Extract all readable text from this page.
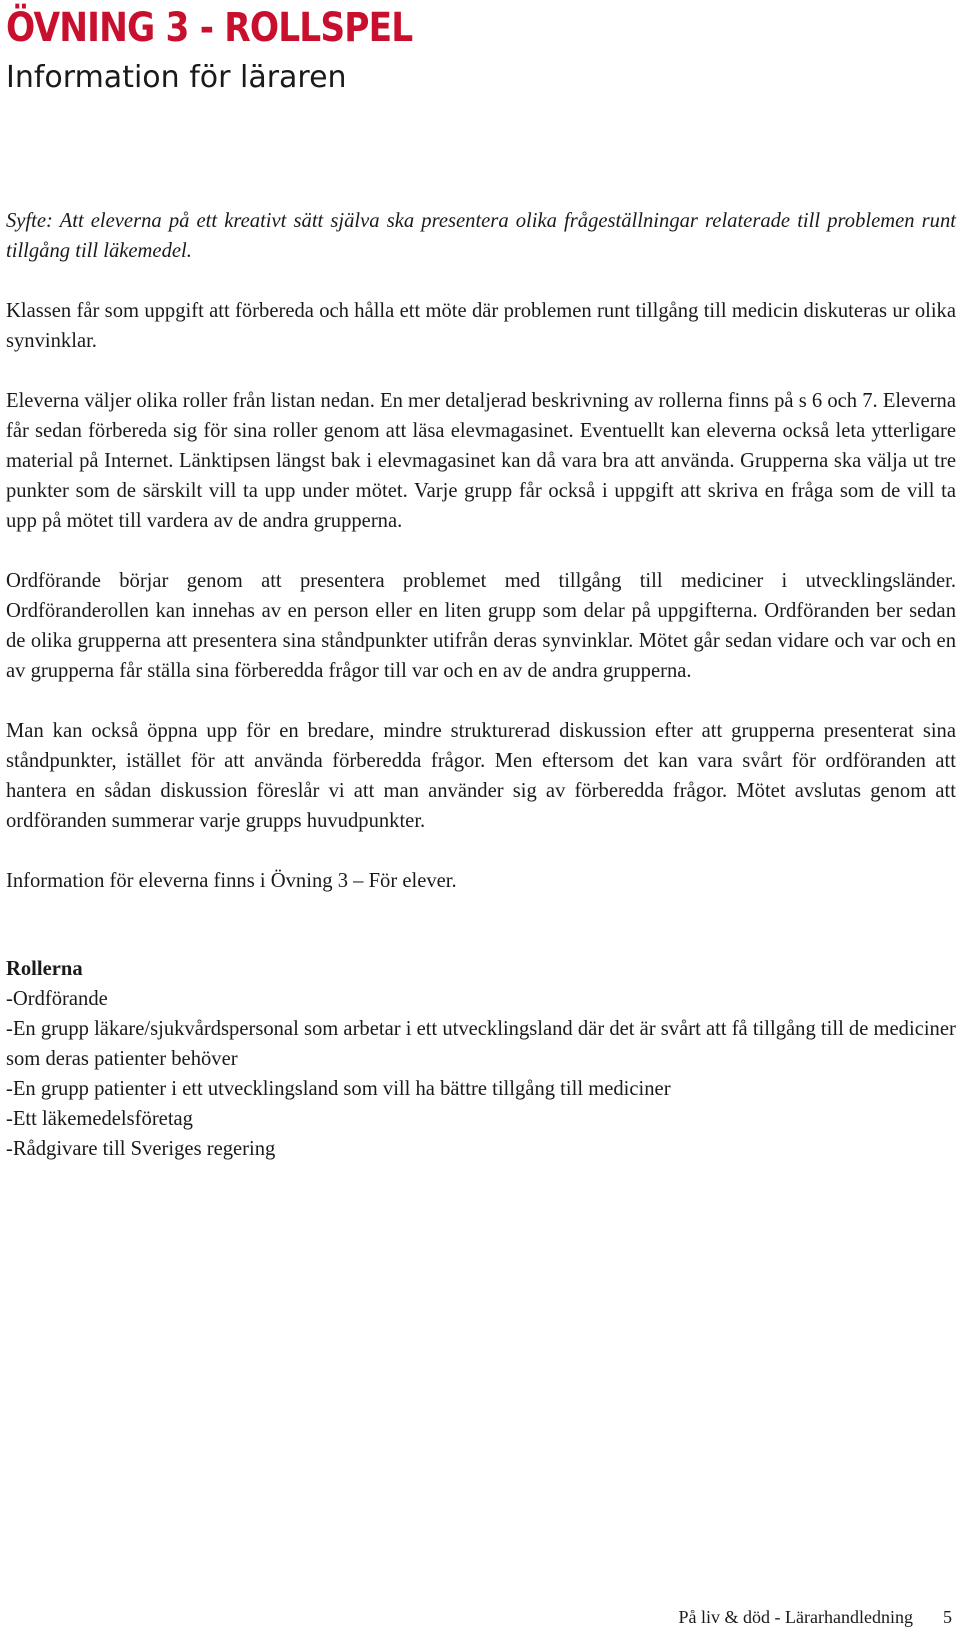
ÖVNING 3 - ROLLSPEL
Information för läraren

Syfte: Att eleverna på ett kreativt sätt själva ska presentera olika frågeställningar relaterade till problemen runt tillgång till läkemedel.

Klassen får som uppgift att förbereda och hålla ett möte där problemen runt tillgång till medicin diskuteras ur olika synvinklar.

Eleverna väljer olika roller från listan nedan. En mer detaljerad beskrivning av rollerna finns på s 6 och 7. Eleverna får sedan förbereda sig för sina roller genom att läsa elevmagasinet. Eventuellt kan eleverna också leta ytterligare material på Internet. Länktipsen längst bak i elevmagasinet kan då vara bra att använda. Grupperna ska välja ut tre punkter som de särskilt vill ta upp under mötet. Varje grupp får också i uppgift att skriva en fråga som de vill ta upp på mötet till vardera av de andra grupperna.

Ordförande börjar genom att presentera problemet med tillgång till mediciner i utvecklingsländer. Ordföranderollen kan innehas av en person eller en liten grupp som delar på uppgifterna. Ordföranden ber sedan de olika grupperna att presentera sina ståndpunkter utifrån deras synvinklar. Mötet går sedan vidare och var och en av grupperna får ställa sina förberedda frågor till var och en av de andra grupperna.

Man kan också öppna upp för en bredare, mindre strukturerad diskussion efter att grupperna presenterat sina ståndpunkter, istället för att använda förberedda frågor. Men eftersom det kan vara svårt för ordföranden att hantera en sådan diskussion föreslår vi att man använder sig av förberedda frågor. Mötet avslutas genom att ordföranden summerar varje grupps huvudpunkter.

Information för eleverna finns i Övning 3 – För elever.

Rollerna
-Ordförande
-En grupp läkare/sjukvårdspersonal som arbetar i ett utvecklingsland där det är svårt att få tillgång till de mediciner som deras patienter behöver
-En grupp patienter i ett utvecklingsland som vill ha bättre tillgång till mediciner
-Ett läkemedelsföretag
-Rådgivare till Sveriges regering
På liv & död - Lärarhandledning 5
